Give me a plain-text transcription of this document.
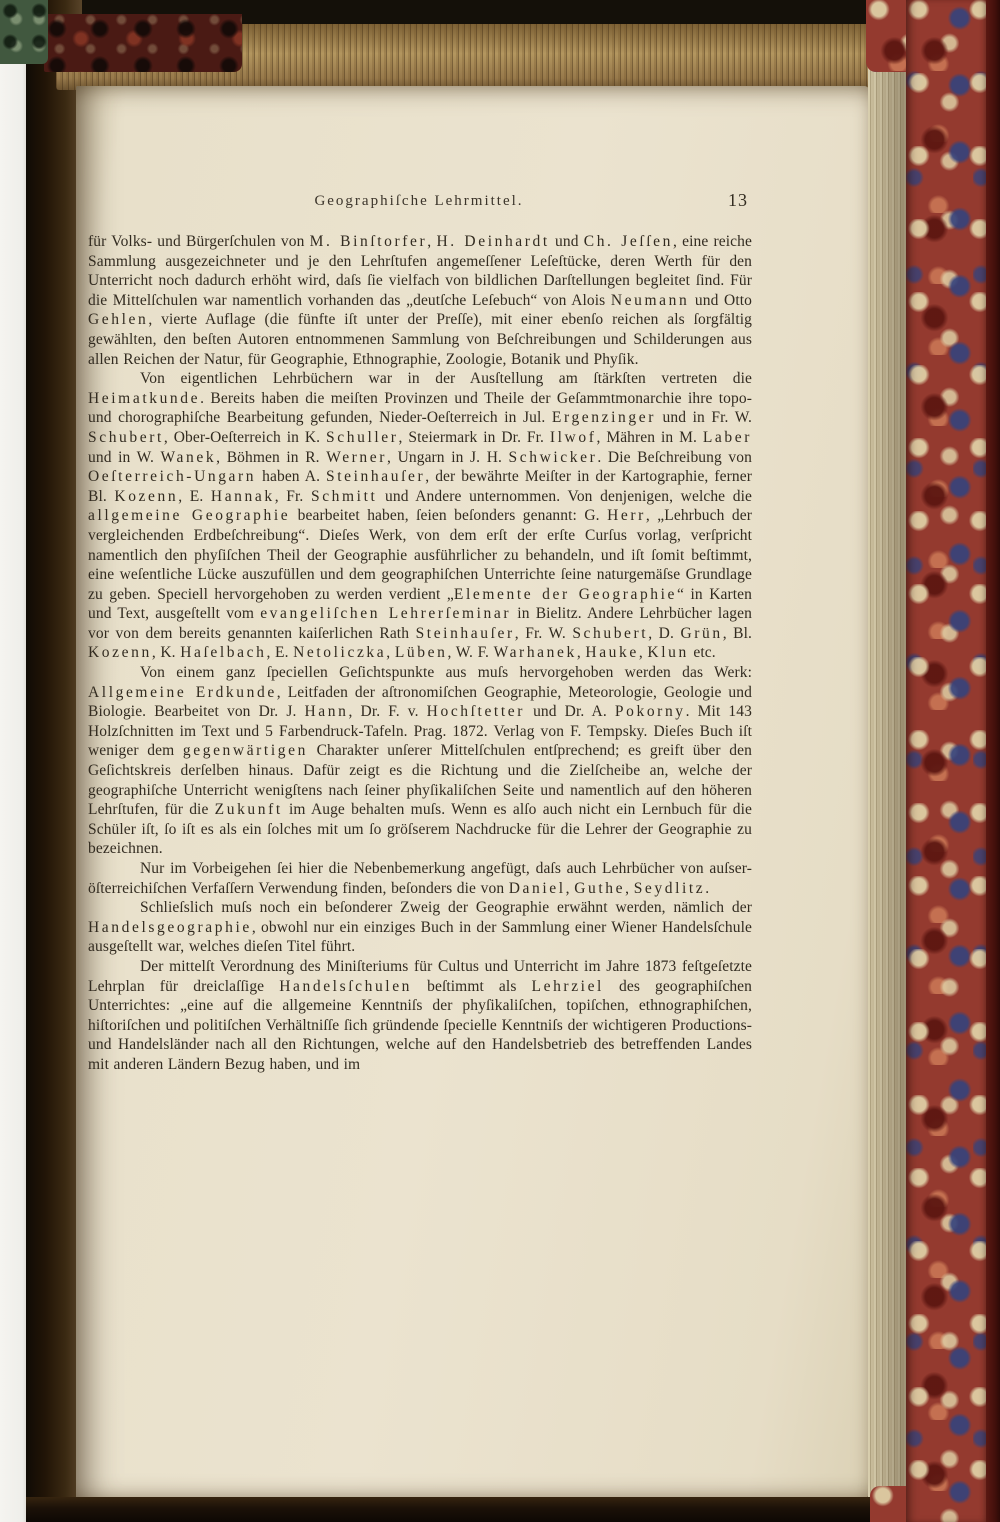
Geographiſche Lehrmittel.	13

für Volks- und Bürgerſchulen von M. Binſtorfer, H. Deinhardt und Ch. Jeſſen, eine reiche Sammlung ausgezeichneter und je den Lehrſtufen angemeſſener Leſeſtücke, deren Werth für den Unterricht noch dadurch erhöht wird, daſs ſie vielfach von bildlichen Darſtellungen begleitet ſind. Für die Mittelſchulen war namentlich vorhanden das „deutſche Leſebuch“ von Alois Neumann und Otto Gehlen, vierte Auflage (die fünfte iſt unter der Preſſe), mit einer ebenſo reichen als ſorgfältig gewählten, den beſten Autoren entnommenen Sammlung von Beſchreibungen und Schilderungen aus allen Reichen der Natur, für Geographie, Ethnographie, Zoologie, Botanik und Phyſik.

Von eigentlichen Lehrbüchern war in der Ausſtellung am ſtärkſten vertreten die Heimatkunde. Bereits haben die meiſten Provinzen und Theile der Geſammtmonarchie ihre topo- und chorographiſche Bearbeitung gefunden, Nieder-Oeſterreich in Jul. Ergenzinger und in Fr. W. Schubert, Ober-Oeſterreich in K. Schuller, Steiermark in Dr. Fr. Ilwof, Mähren in M. Laber und in W. Wanek, Böhmen in R. Werner, Ungarn in J. H. Schwicker. Die Beſchreibung von Oeſterreich-Ungarn haben A. Steinhauſer, der bewährte Meiſter in der Kartographie, ferner Bl. Kozenn, E. Hannak, Fr. Schmitt und Andere unternommen. Von denjenigen, welche die allgemeine Geographie bearbeitet haben, ſeien beſonders genannt: G. Herr, „Lehrbuch der vergleichenden Erdbeſchreibung“. Dieſes Werk, von dem erſt der erſte Curſus vorlag, verſpricht namentlich den phyſiſchen Theil der Geographie ausführlicher zu behandeln, und iſt ſomit beſtimmt, eine weſentliche Lücke auszufüllen und dem geographiſchen Unterrichte ſeine naturgemäſse Grundlage zu geben. Speciell hervorgehoben zu werden verdient „Elemente der Geographie“ in Karten und Text, ausgeſtellt vom evangeliſchen Lehrerſeminar in Bielitz. Andere Lehrbücher lagen vor von dem bereits genannten kaiſerlichen Rath Steinhauſer, Fr. W. Schubert, D. Grün, Bl. Kozenn, K. Haſelbach, E. Netoliczka, Lüben, W. F. Warhanek, Hauke, Klun etc.

Von einem ganz ſpeciellen Geſichtspunkte aus muſs hervorgehoben werden das Werk: Allgemeine Erdkunde, Leitfaden der aſtronomiſchen Geographie, Meteorologie, Geologie und Biologie. Bearbeitet von Dr. J. Hann, Dr. F. v. Hochſtetter und Dr. A. Pokorny. Mit 143 Holzſchnitten im Text und 5 Farbendruck-Tafeln. Prag. 1872. Verlag von F. Tempsky. Dieſes Buch iſt weniger dem gegenwärtigen Charakter unſerer Mittelſchulen entſprechend; es greift über den Geſichtskreis derſelben hinaus. Dafür zeigt es die Richtung und die Zielſcheibe an, welche der geographiſche Unterricht wenigſtens nach ſeiner phyſikaliſchen Seite und namentlich auf den höheren Lehrſtufen, für die Zukunft im Auge behalten muſs. Wenn es alſo auch nicht ein Lernbuch für die Schüler iſt, ſo iſt es als ein ſolches mit um ſo gröſserem Nachdrucke für die Lehrer der Geographie zu bezeichnen.

Nur im Vorbeigehen ſei hier die Nebenbemerkung angefügt, daſs auch Lehrbücher von auſser-öſterreichiſchen Verfaſſern Verwendung finden, beſonders die von Daniel, Guthe, Seydlitz.

Schlieſslich muſs noch ein beſonderer Zweig der Geographie erwähnt werden, nämlich der Handelsgeographie, obwohl nur ein einziges Buch in der Sammlung einer Wiener Handelsſchule ausgeſtellt war, welches dieſen Titel führt.

Der mittelſt Verordnung des Miniſteriums für Cultus und Unterricht im Jahre 1873 feſtgeſetzte Lehrplan für dreiclaſſige Handelsſchulen beſtimmt als Lehrziel des geographiſchen Unterrichtes: „eine auf die allgemeine Kenntniſs der phyſikaliſchen, topiſchen, ethnographiſchen, hiſtoriſchen und politiſchen Verhältniſſe ſich gründende ſpecielle Kenntniſs der wichtigeren Productions- und Handelsländer nach all den Richtungen, welche auf den Handelsbetrieb des betreffenden Landes mit anderen Ländern Bezug haben, und im
